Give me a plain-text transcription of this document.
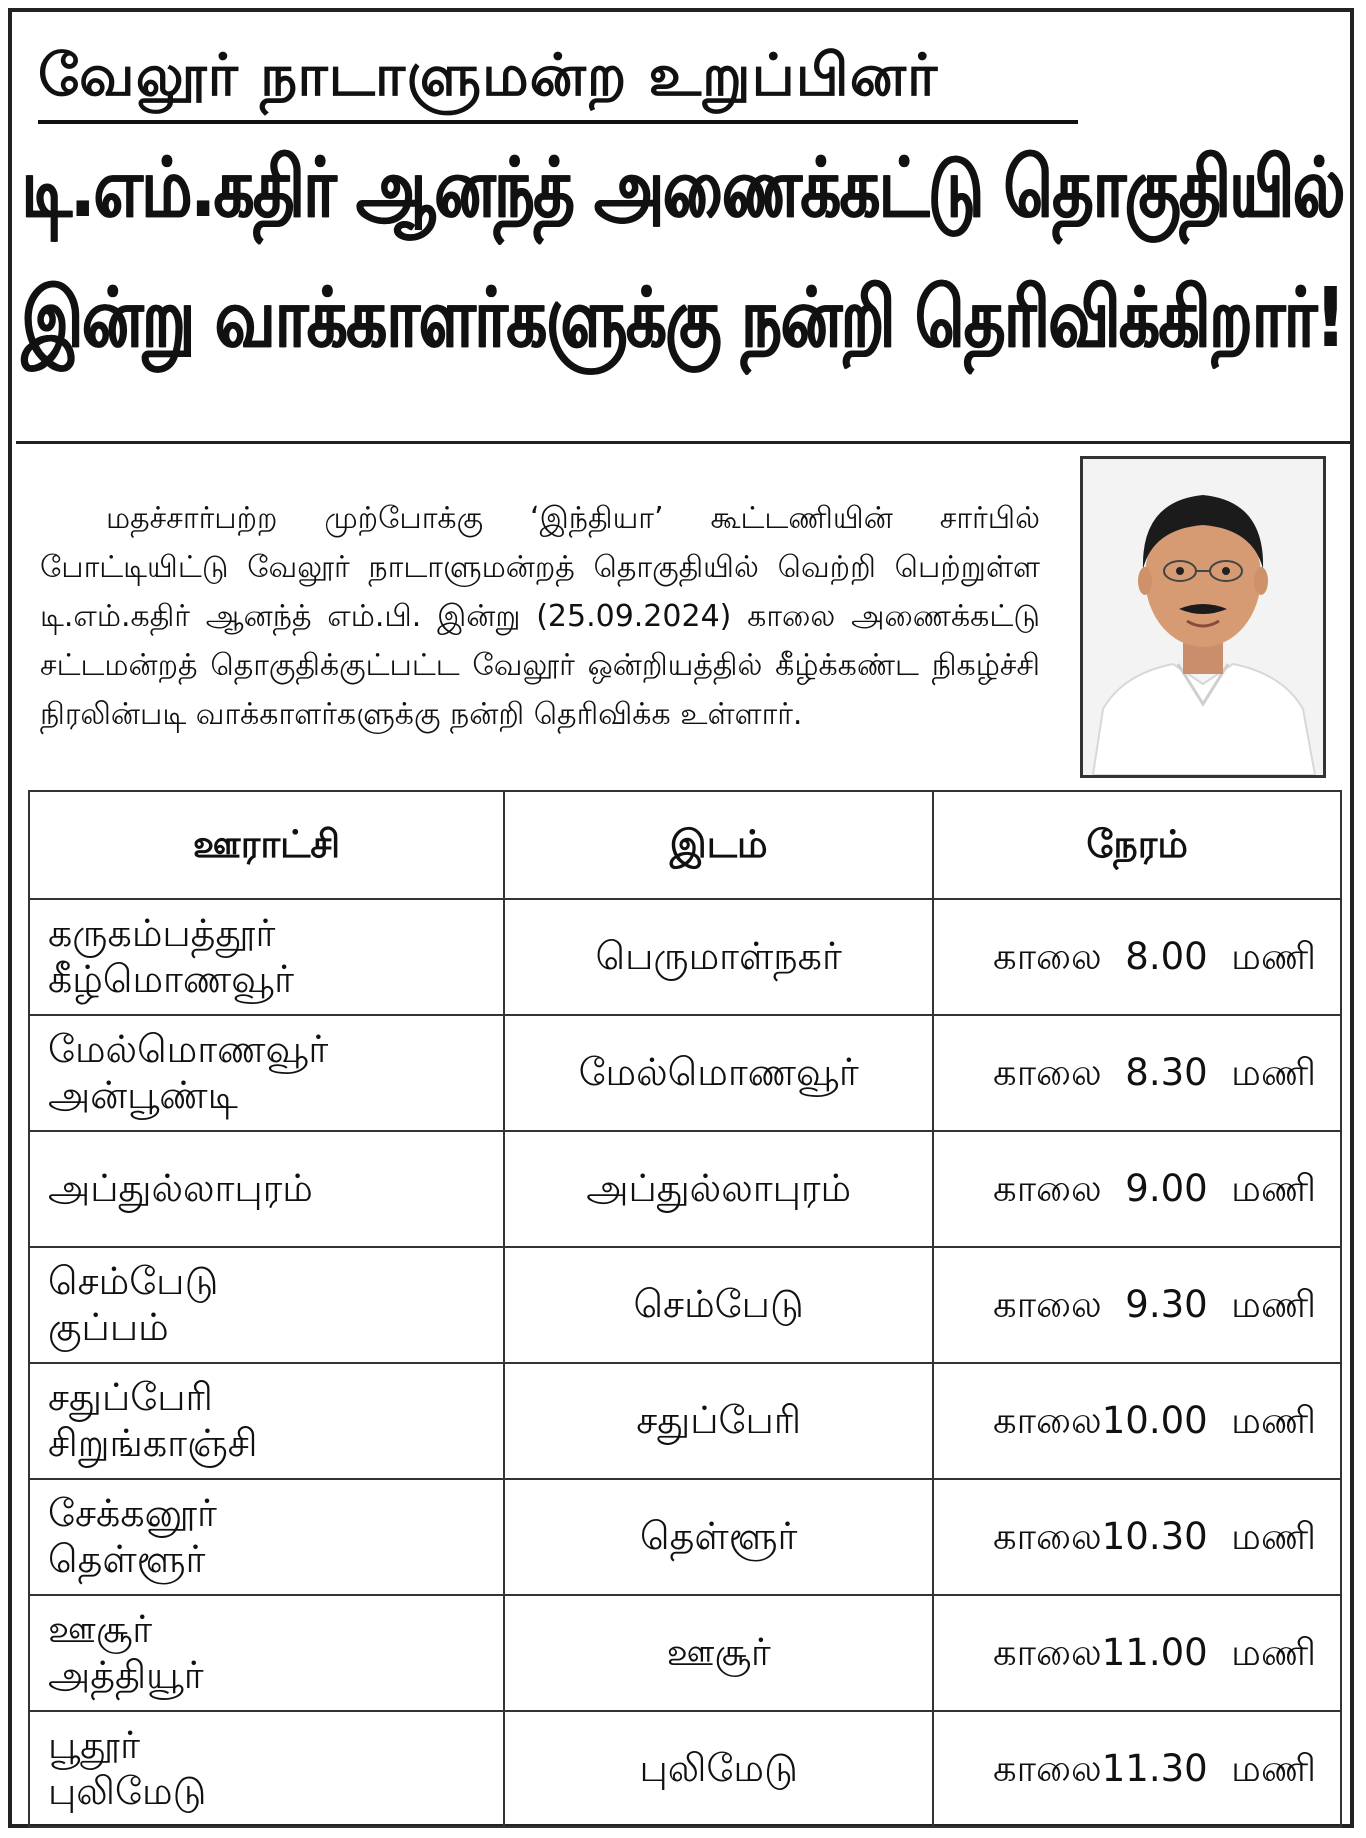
வேலூர் நாடாளுமன்ற உறுப்பினர்
டி.எம்.கதிர் ஆனந்த் அணைக்கட்டு தொகுதியில்
இன்று வாக்காளர்களுக்கு நன்றி தெரிவிக்கிறார்!

மதச்சார்பற்ற முற்போக்கு ‘இந்தியா’ கூட்டணியின் சார்பில் போட்டியிட்டு வேலூர் நாடாளுமன்றத் தொகுதியில் வெற்றி பெற்றுள்ள டி.எம்.கதிர் ஆனந்த் எம்.பி. இன்று (25.09.2024) காலை அணைக்கட்டு சட்டமன்றத் தொகுதிக்குட்பட்ட வேலூர் ஒன்றியத்தில் கீழ்க்கண்ட நிகழ்ச்சி நிரலின்படி வாக்காளர்களுக்கு நன்றி தெரிவிக்க உள்ளார்.

ஊராட்சி	இடம்	நேரம்

கருகம்பத்தூர்
கீழ்மொணவூர்	பெருமாள்நகர்	காலை  8.00  மணி

மேல்மொணவூர்
அன்பூண்டி	மேல்மொணவூர்	காலை  8.30  மணி

அப்துல்லாபுரம்	அப்துல்லாபுரம்	காலை  9.00  மணி

செம்பேடு
குப்பம்	செம்பேடு	காலை  9.30  மணி

சதுப்பேரி
சிறுங்காஞ்சி	சதுப்பேரி	காலை10.00  மணி

சேக்கனூர்
தெள்ளூர்	தெள்ளூர்	காலை10.30  மணி

ஊசூர்
அத்தியூர்	ஊசூர்	காலை11.00  மணி

பூதூர்
புலிமேடு	புலிமேடு	காலை11.30  மணி
